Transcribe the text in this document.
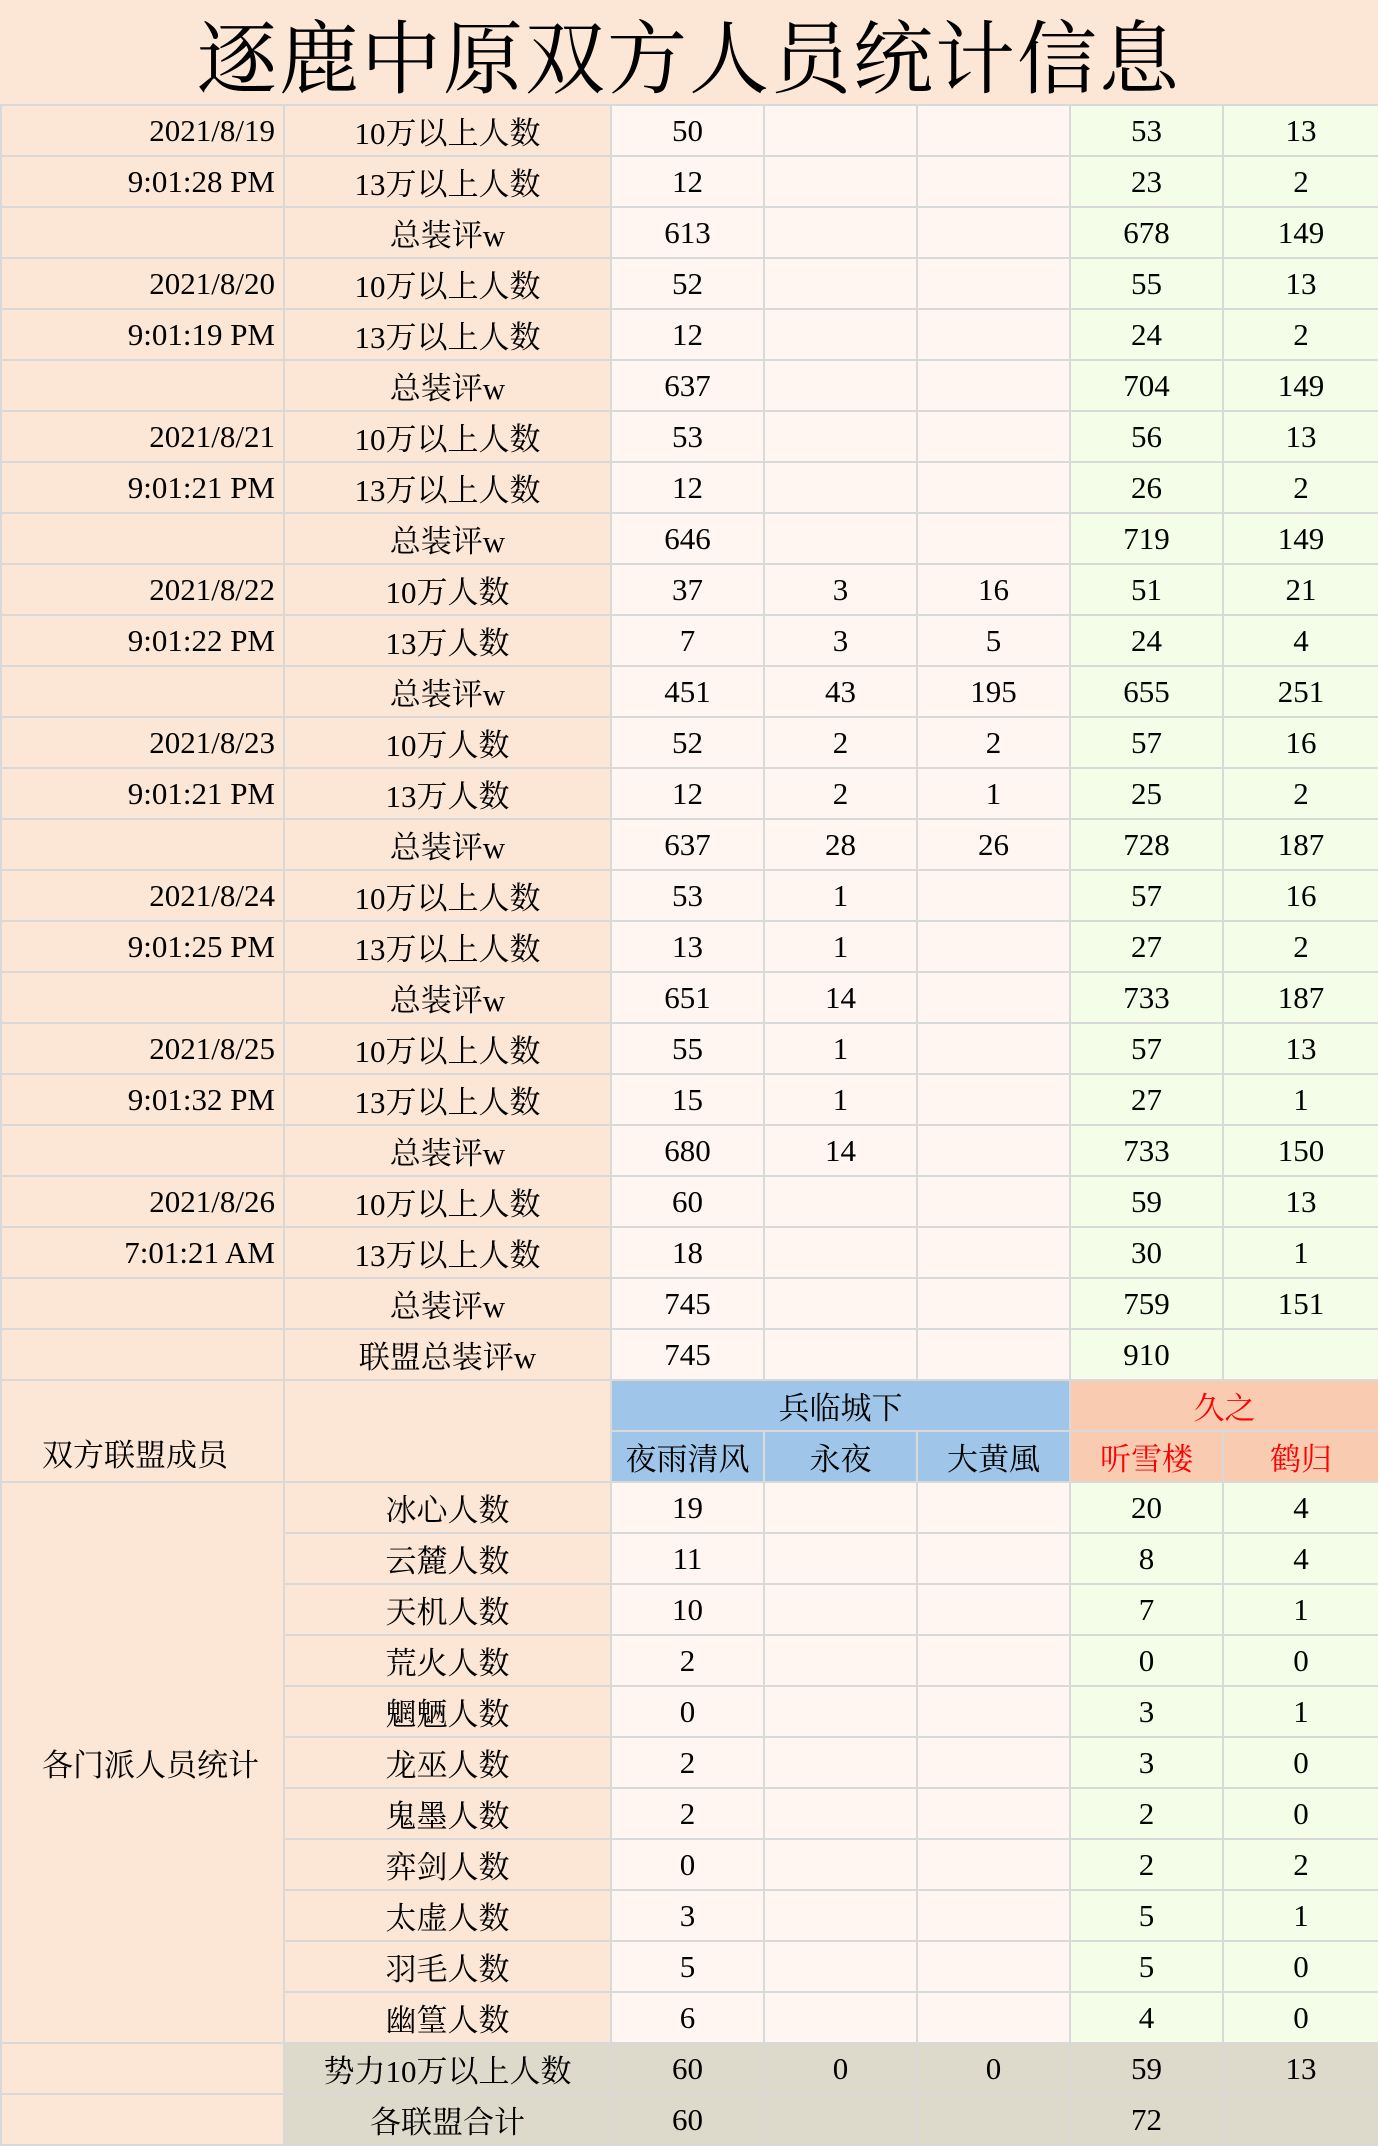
逐鹿中原双方人员统计信息
2021/8/19	10万以上人数	50			53	13
9:01:28 PM	13万以上人数	12			23	2
	总装评w	613			678	149
2021/8/20	10万以上人数	52			55	13
9:01:19 PM	13万以上人数	12			24	2
	总装评w	637			704	149
2021/8/21	10万以上人数	53			56	13
9:01:21 PM	13万以上人数	12			26	2
	总装评w	646			719	149
2021/8/22	10万人数	37	3	16	51	21
9:01:22 PM	13万人数	7	3	5	24	4
	总装评w	451	43	195	655	251
2021/8/23	10万人数	52	2	2	57	16
9:01:21 PM	13万人数	12	2	1	25	2
	总装评w	637	28	26	728	187
2021/8/24	10万以上人数	53	1		57	16
9:01:25 PM	13万以上人数	13	1		27	2
	总装评w	651	14		733	187
2021/8/25	10万以上人数	55	1		57	13
9:01:32 PM	13万以上人数	15	1		27	1
	总装评w	680	14		733	150
2021/8/26	10万以上人数	60			59	13
7:01:21 AM	13万以上人数	18			30	1
	总装评w	745			759	151
	联盟总装评w	745			910	
双方联盟成员		兵临城下			久之	
		夜雨清风	永夜	大黄風	听雪楼	鹤归
各门派人员统计	冰心人数	19			20	4
	云麓人数	11			8	4
	天机人数	10			7	1
	荒火人数	2			0	0
	魍魉人数	0			3	1
	龙巫人数	2			3	0
	鬼墨人数	2			2	0
	弈剑人数	0			2	2
	太虚人数	3			5	1
	羽毛人数	5			5	0
	幽篁人数	6			4	0
	势力10万以上人数	60	0	0	59	13
	各联盟合计	60			72	
